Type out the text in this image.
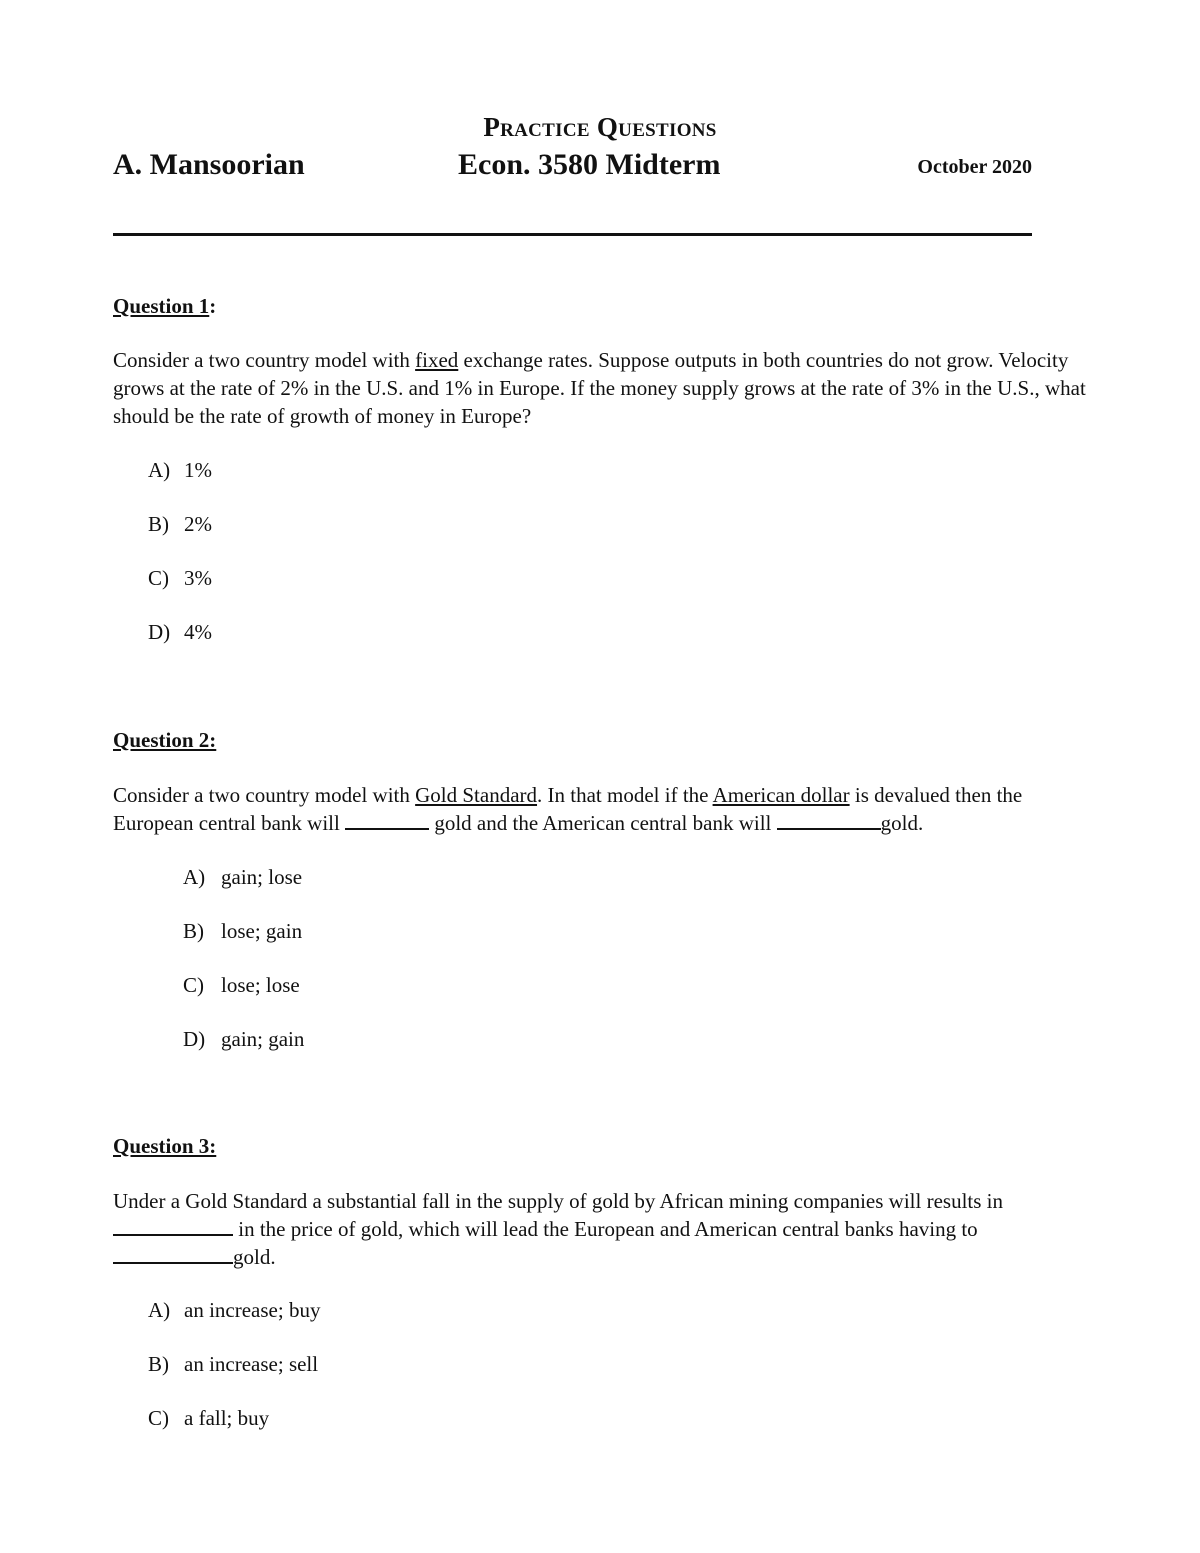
Practice Questions
A. Mansoorian	Econ. 3580 Midterm	October 2020
Question 1:
Consider a two country model with fixed exchange rates. Suppose outputs in both countries do not grow. Velocity grows at the rate of 2% in the U.S. and 1% in Europe. If the money supply grows at the rate of 3% in the U.S., what should be the rate of growth of money in Europe?
A) 1%
B) 2%
C) 3%
D) 4%
Question 2:
Consider a two country model with Gold Standard. In that model if the American dollar is devalued then the European central bank will	gold and the American central bank will	gold.
A) gain; lose
B) lose; gain
C) lose; lose
D) gain; gain
Question 3:
Under a Gold Standard a substantial fall in the supply of gold by African mining companies will results in  in the price of gold, which will lead the European and American central banks having to gold.
A) an increase; buy
B) an increase; sell
C) a fall; buy
